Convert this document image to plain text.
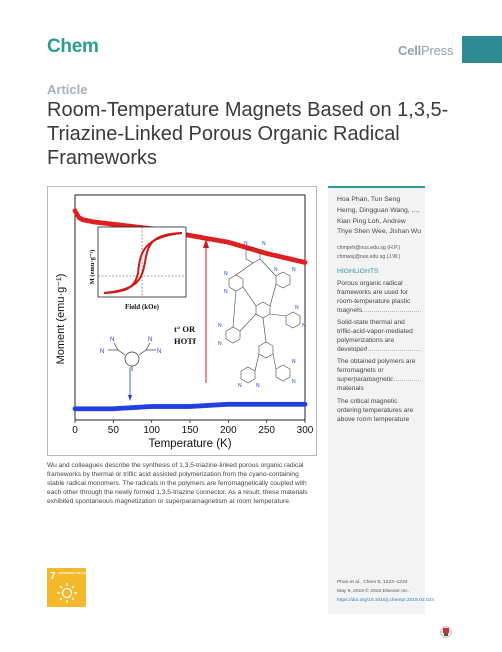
Chem	CellPress
Article
Room-Temperature Magnets Based on 1,3,5-Triazine-Linked Porous Organic Radical Frameworks
Moment (emu·g⁻¹)
Temperature (K)
0	50 100 150 200 250 300
M (emu·g⁻¹)
Field (kOe)
t° OR
HOTf
N
N
N
N
N	N
N	N
N
N
N
N
N
N
N	N
N
N
Wu and colleagues describe the synthesis of 1,3,5-triazine-linked porous organic radical frameworks by thermal or triflic acid assisted polymerization from the cyano-containing stable radical monomers. The radicals in the polymers are ferromagnetically coupled with each other through the newly formed 1,3,5-triazine connector. As a result, these materials exhibited spontaneous magnetization or superparamagnetism at room temperature.
7 AFFORDABLE AND CLEAN ENERGY
Hoa Phan, Tun Seng Herng, Dingguan Wang, ..., Kian Ping Loh, Andrew Thye Shen Wee, Jishan Wu
chmpvh@nus.edu.sg (H.P.)
chmwuj@nus.edu.sg (J.W.)
HIGHLIGHTS
Porous organic radical frameworks are used for room-temperature plastic magnets
Solid-state thermal and triflic-acid-vapor-mediated polymerizations are developed
The obtained polymers are ferromagnets or superparamagnetic materials
The critical magnetic ordering temperatures are above room temperature
Phan et al., Chem 5, 1223–1234
May 9, 2019 © 2019 Elsevier Inc.
https://doi.org/10.1016/j.chempr.2019.02.024
